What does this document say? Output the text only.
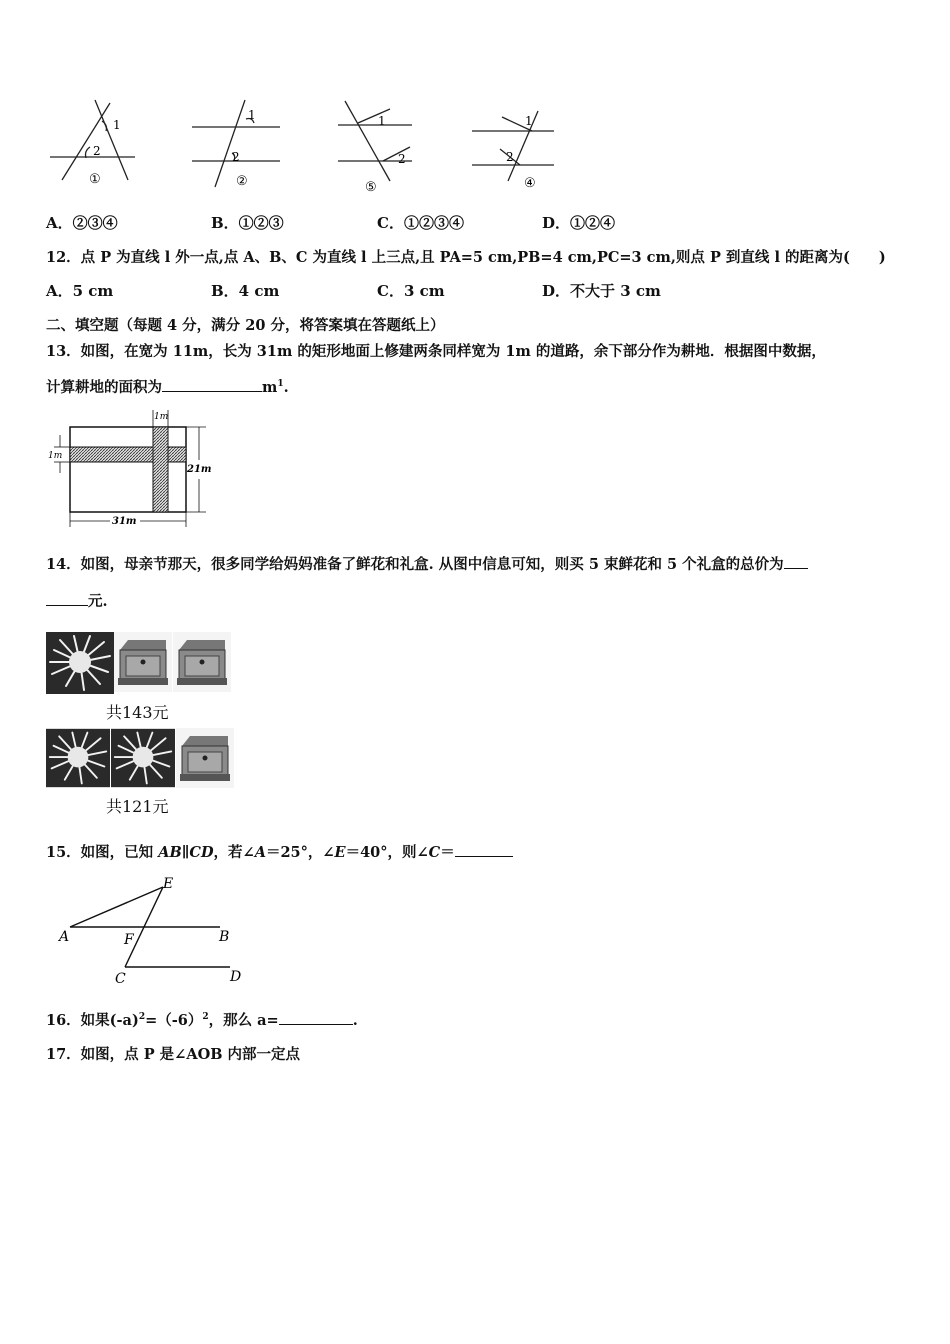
1
2
①
1
2
②
1
2
⑤
1
2
④
A．②③④	B．①②③	C．①②③④	D．①②④
12．点 P 为直线 l 外一点,点 A、B、C 为直线 l 上三点,且 PA=5 cm,PB=4 cm,PC=3 cm,则点 P 到直线 l 的距离为(　　)
A．5 cm	B．4 cm	C．3 cm	D．不大于 3 cm
二、填空题（每题 4 分，满分 20 分，将答案填在答题纸上）
13．如图，在宽为 11m，长为 31m 的矩形地面上修建两条同样宽为 1m 的道路，余下部分作为耕地．根据图中数据，
计算耕地的面积为	$m^1$.
1m
1m
21m
31m
14．如图，母亲节那天，很多同学给妈妈准备了鲜花和礼盒. 从图中信息可知，则买 5 束鲜花和 5 个礼盒的总价为
元.
共143元
共121元
15．如图，已知 AB∥CD，若∠A＝25°，∠E＝40°，则∠C＝
E
A	B
F
C	D
16．如果$(-a)^2=(-6)^2$，那么 a=	.
17．如图，点 P 是∠AOB 内部一定点
